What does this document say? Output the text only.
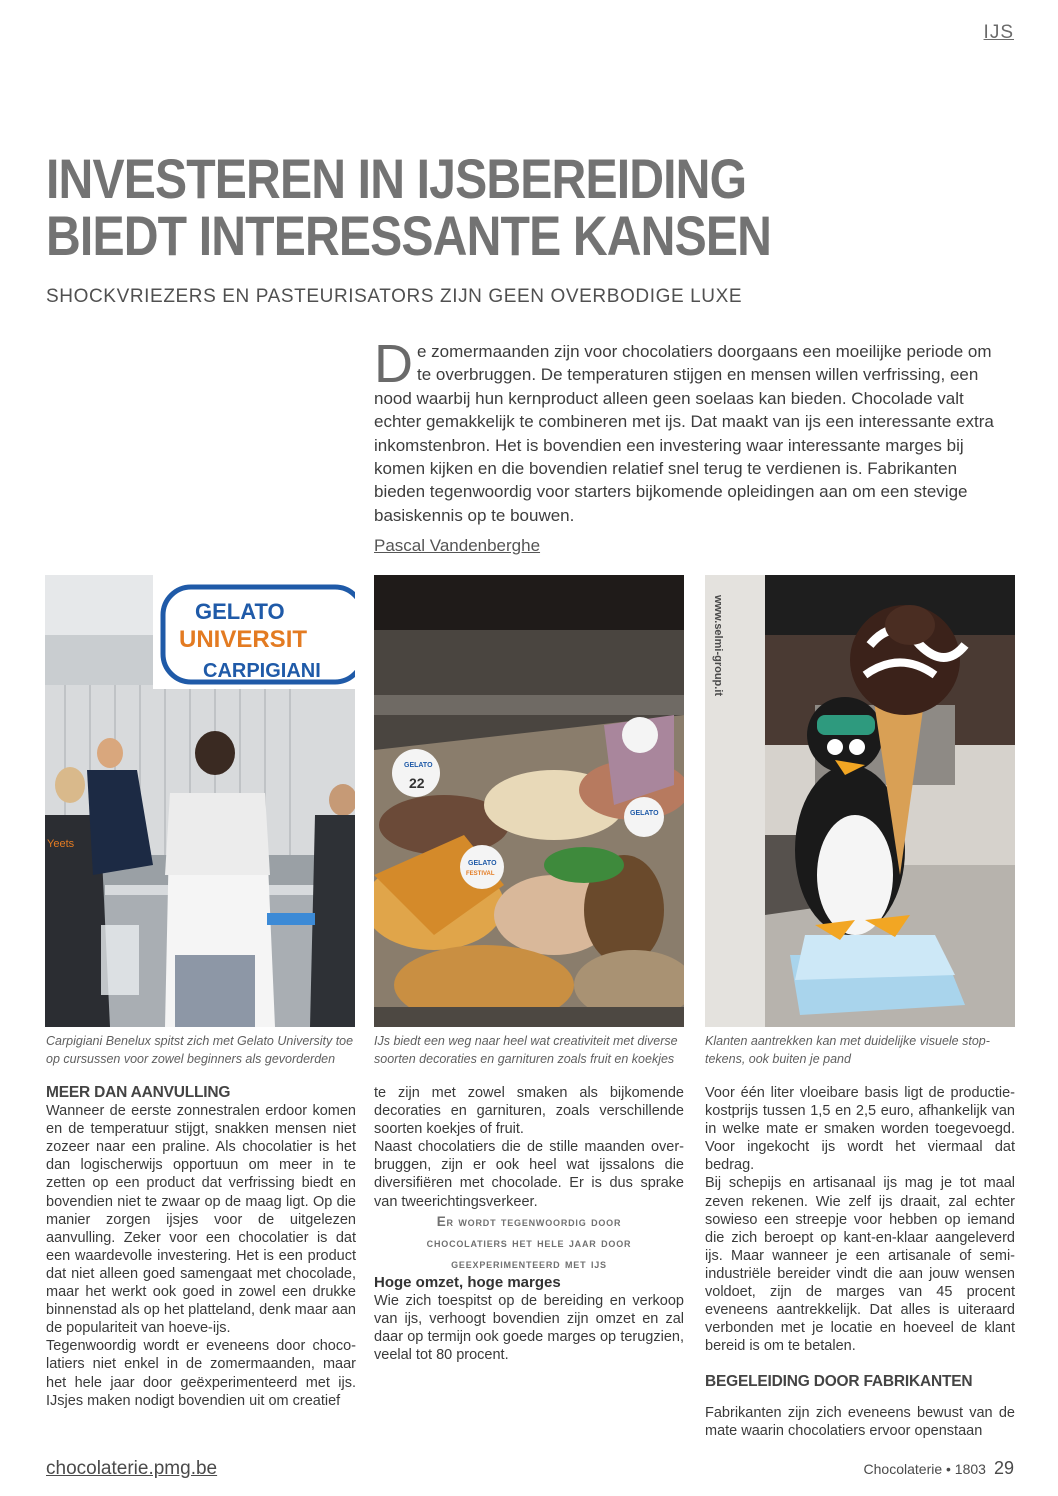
IJS
INVESTEREN IN IJSBEREIDING
BIEDT INTERESSANTE KANSEN
SHOCKVRIEZERS EN PASTEURISATORS ZIJN GEEN OVERBODIGE LUXE
De zomermaanden zijn voor chocolatiers doorgaans een moeilijke periode om te overbruggen. De temperaturen stijgen en mensen willen verfrissing, een nood waarbij hun kernproduct alleen geen soelaas kan bieden. Chocolade valt echter gemakkelijk te combineren met ijs. Dat maakt van ijs een interessante extra inkomstenbron. Het is bovendien een investering waar interessante marges bij komen kijken en die bovendien relatief snel terug te verdienen is. Fabrikanten bieden tegenwoordig voor starters bijkomende opleidingen aan om een stevige basiskennis op te bouwen.
Pascal Vandenberghe
GELATO
UNIVERSIT
CARPIGIANI
Yeets
GELATO
22
GELATO
FESTIVAL
GELATO
www.selmi-group.it
Carpigiani Benelux spitst zich met Gelato University toe op cursussen voor zowel beginners als gevorderden
IJs biedt een weg naar heel wat creativiteit met diverse soorten decoraties en garnituren zoals fruit en koekjes
Klanten aantrekken kan met duidelijke visuele stop-tekens, ook buiten je pand

MEER DAN AANVULLING

Wanneer de eerste zonnestralen erdoor komen en de temperatuur stijgt, snakken mensen niet zozeer naar een praline. Als chocolatier is het dan logischerwijs opportuun om meer in te zetten op een product dat verfrissing biedt en bovendien niet te zwaar op de maag ligt. Op die manier zorgen ijsjes voor de uitgelezen aanvulling. Zeker voor een chocolatier is dat een waardevolle investering. Het is een product dat niet alleen goed samengaat met chocolade, maar het werkt ook goed in zowel een drukke binnenstad als op het platteland, denk maar aan de populariteit van hoeve-ijs.

Tegenwoordig wordt er eveneens door chocolatiers niet enkel in de zomermaanden, maar het hele jaar door geëxperimenteerd met ijs. IJsjes maken nodigt bovendien uit om creatief

te zijn met zowel smaken als bijkomende decoraties en garnituren, zoals verschillende soorten koekjes of fruit.

Naast chocolatiers die de stille maanden overbruggen, zijn er ook heel wat ijssalons die diversifiëren met chocolade. Er is dus sprake van tweerichtingsverkeer.

Er wordt tegenwoordig door chocolatiers het hele jaar door geexperimenteerd met ijs

Hoge omzet, hoge marges

Wie zich toespitst op de bereiding en verkoop van ijs, verhoogt bovendien zijn omzet en zal daar op termijn ook goede marges op terugzien, veelal tot 80 procent.

Voor één liter vloeibare basis ligt de productiekostprijs tussen 1,5 en 2,5 euro, afhankelijk van in welke mate er smaken worden toegevoegd. Voor ingekocht ijs wordt het viermaal dat bedrag.

Bij schepijs en artisanaal ijs mag je tot maal zeven rekenen. Wie zelf ijs draait, zal echter sowieso een streepje voor hebben op iemand die zich beroept op kant-en-klaar aangeleverd ijs. Maar wanneer je een artisanale of semi-industriële bereider vindt die aan jouw wensen voldoet, zijn de marges van 45 procent eveneens aantrekkelijk. Dat alles is uiteraard verbonden met je locatie en hoeveel de klant bereid is om te betalen.

BEGELEIDING DOOR FABRIKANTEN

Fabrikanten zijn zich eveneens bewust van de mate waarin chocolatiers ervoor openstaan

chocolaterie.pmg.be	Chocolaterie • 1803 29
